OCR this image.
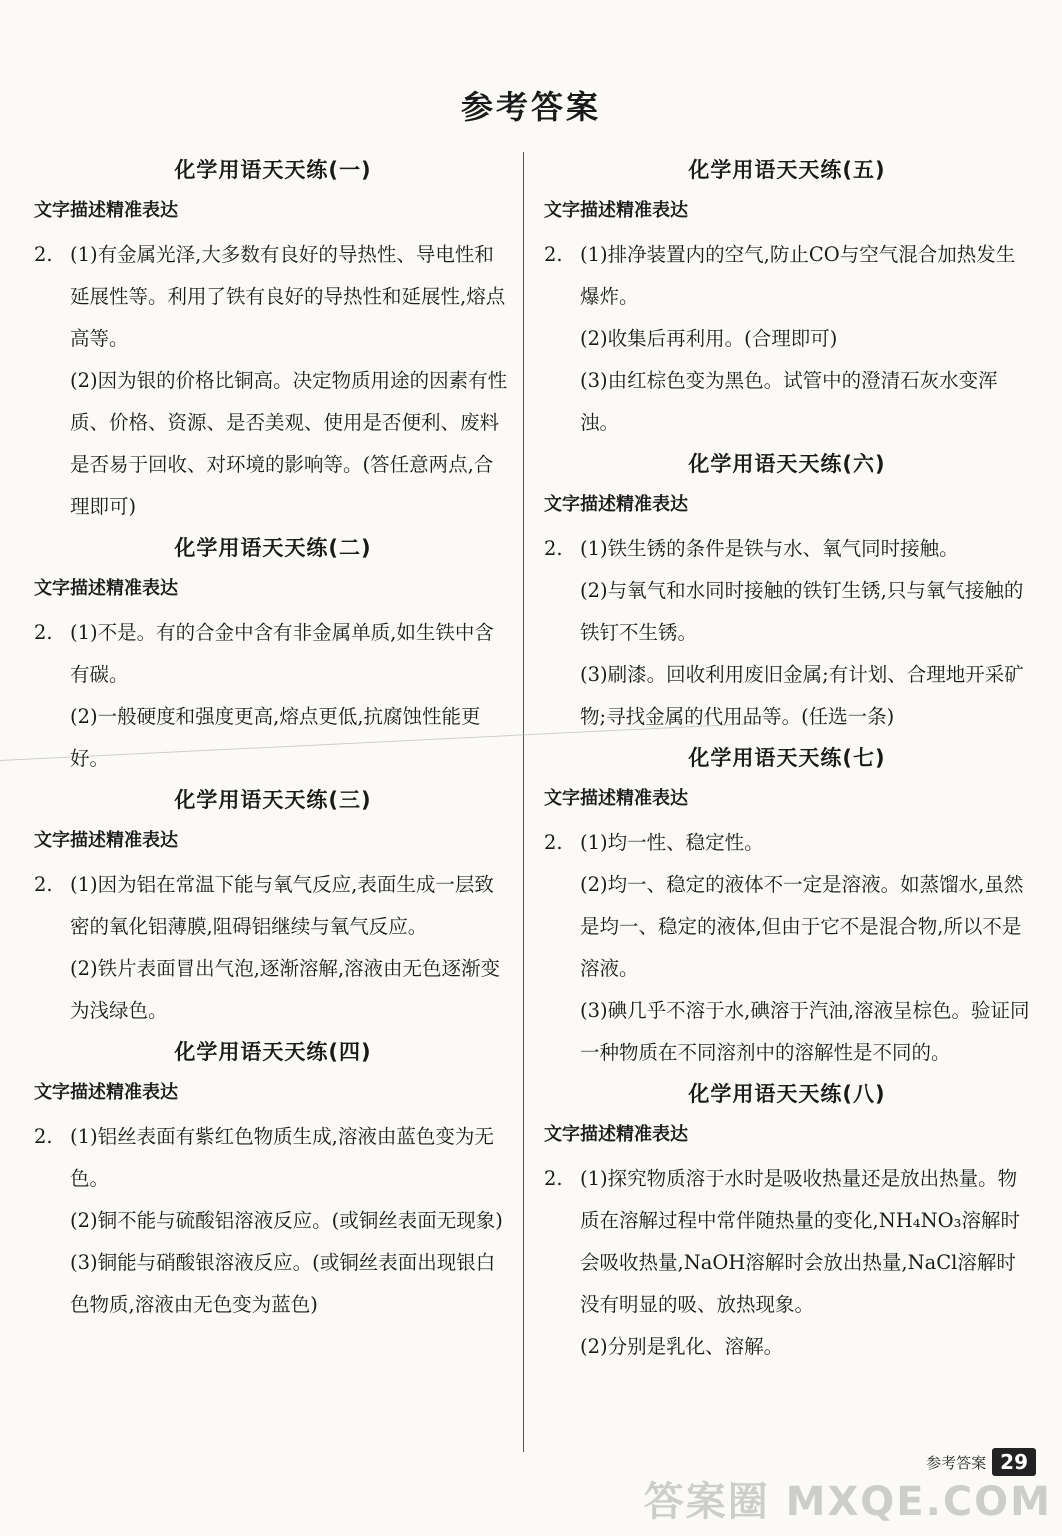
参考答案
化学用语天天练(一)
文字描述精准表达
2. (1)有金属光泽,大多数有良好的导热性、导电性和延展性等。利用了铁有良好的导热性和延展性,熔点高等。
(2)因为银的价格比铜高。决定物质用途的因素有性质、价格、资源、是否美观、使用是否便利、废料是否易于回收、对环境的影响等。(答任意两点,合理即可)
化学用语天天练(二)
文字描述精准表达
2. (1)不是。有的合金中含有非金属单质,如生铁中含有碳。
(2)一般硬度和强度更高,熔点更低,抗腐蚀性能更好。
化学用语天天练(三)
文字描述精准表达
2. (1)因为铝在常温下能与氧气反应,表面生成一层致密的氧化铝薄膜,阻碍铝继续与氧气反应。
(2)铁片表面冒出气泡,逐渐溶解,溶液由无色逐渐变为浅绿色。
化学用语天天练(四)
文字描述精准表达
2. (1)铝丝表面有紫红色物质生成,溶液由蓝色变为无色。
(2)铜不能与硫酸铝溶液反应。(或铜丝表面无现象)
(3)铜能与硝酸银溶液反应。(或铜丝表面出现银白色物质,溶液由无色变为蓝色)
化学用语天天练(五)
文字描述精准表达
2. (1)排净装置内的空气,防止CO与空气混合加热发生爆炸。
(2)收集后再利用。(合理即可)
(3)由红棕色变为黑色。试管中的澄清石灰水变浑浊。
化学用语天天练(六)
文字描述精准表达
2. (1)铁生锈的条件是铁与水、氧气同时接触。
(2)与氧气和水同时接触的铁钉生锈,只与氧气接触的铁钉不生锈。
(3)刷漆。回收利用废旧金属;有计划、合理地开采矿物;寻找金属的代用品等。(任选一条)
化学用语天天练(七)
文字描述精准表达
2. (1)均一性、稳定性。
(2)均一、稳定的液体不一定是溶液。如蒸馏水,虽然是均一、稳定的液体,但由于它不是混合物,所以不是溶液。
(3)碘几乎不溶于水,碘溶于汽油,溶液呈棕色。验证同一种物质在不同溶剂中的溶解性是不同的。
化学用语天天练(八)
文字描述精准表达
2. (1)探究物质溶于水时是吸收热量还是放出热量。物质在溶解过程中常伴随热量的变化,NH₄NO₃溶解时会吸收热量,NaOH溶解时会放出热量,NaCl溶解时没有明显的吸、放热现象。
(2)分别是乳化、溶解。
答案圈 MXQE.COM
参考答案 29
